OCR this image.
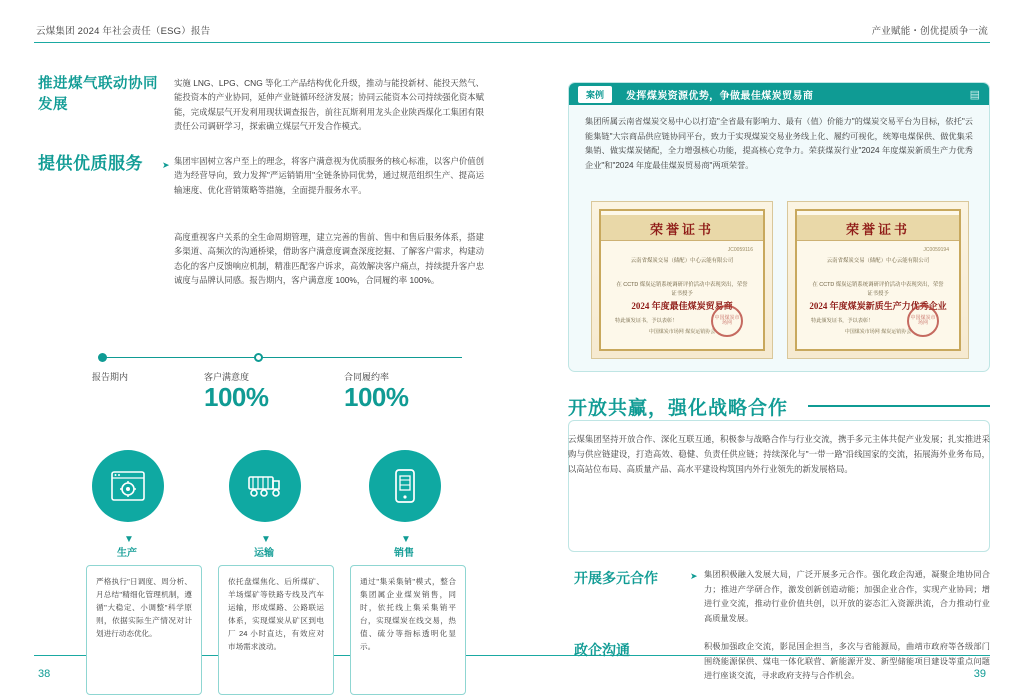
云煤集团 2024 年社会责任（ESG）报告	产业赋能・创优提质争一流
38	39
推进煤气联动协同发展
实施 LNG、LPG、CNG 等化工产品结构优化升级，推动与能投新材、能投天然气、能投资本的产业协同，延伸产业链循环经济发展；协同云能资本公司持续强化资本赋能，完成煤层气开发利用现状调查报告，前往瓦斯利用龙头企业陕西煤化工集团有限责任公司调研学习，探索确立煤层气开发合作模式。
提供优质服务	➤ 集团牢固树立客户至上的理念，将客户满意视为优质服务的核心标准，以客户价值创造为经营导向，致力发挥"严运销销用"全链条协同优势，通过规范组织生产、提高运输速度、优化营销策略等措施，全面提升服务水平。
高度重视客户关系的全生命周期管理，建立完善的售前、售中和售后服务体系，搭建多渠道、高频次的沟通桥梁，借助客户满意度调查深度挖掘、了解客户需求，构建动态化的客户反馈响应机制，精准匹配客户诉求，高效解决客户痛点，持续提升客户忠诚度与品牌认同感。报告期内，客户满意度 100%，合同履约率 100%。
报告期内	客户满意度
100%
合同履约率
100%
▼	▼	▼
生产	运输	销售

严格执行"日调度、周分析、月总结"精细化管理机制，遵循"大稳定、小调整"科学原则，依据实际生产情况对计划进行动态优化。

依托盘煤焦化、后所煤矿、羊场煤矿等铁路专线及汽车运输，形成煤路、公路联运体系，实现煤炭从矿区到电厂 24 小时直达，有效应对市场需求波动。

通过"集采集销"模式，整合集团属企业煤炭销售，同时，依托线上集采集销平台，实现煤炭在线交易，热值、硫分等指标透明化显示。

案例	发挥煤炭资源优势，争做最佳煤炭贸易商	▤
集团所属云南省煤炭交易中心以打造"全省最有影响力、最有（值）价能力"的煤炭交易平台为目标，依托"云能集链"大宗商品供应链协同平台，致力于实现煤炭交易业务线上化、履约可视化，统筹电煤保供、做优集采集销、做实煤炭储配，全力增强核心功能，提高核心竞争力。荣获煤炭行业"2024 年度煤炭新质生产力优秀企业"和"2024 年度最佳煤炭贸易商"两项荣誉。
荣誉证书
JC0059116
云南省煤炭交易（储配）中心云能有限公司
在 CCTD 煤炭运销系统调研评价活动中表现突出，荣誉证书授予
2024 年度最佳煤炭贸易商
特此颁发证书，予以表彰！
中国煤炭市场网 煤炭运销协会
中国煤炭市场网
荣誉证书
JC0059194
云南省煤炭交易（储配）中心云能有限公司
在 CCTD 煤炭运销系统调研评价活动中表现突出，荣誉证书授予
2024 年度煤炭新质生产力优秀企业
特此颁发证书，予以表彰！
中国煤炭市场网 煤炭运销协会
中国煤炭市场网
开放共赢，强化战略合作
云煤集团坚持开放合作、深化互联互通，积极参与战略合作与行业交流，携手多元主体共促产业发展；扎实推进采购与供应链建设，打造高效、稳健、负责任供应链；持续深化与"一带一路"沿线国家的交流，拓展海外业务布局，以高站位布局、高质量产品、高水平建设构筑国内外行业领先的新发展格局。
开展多元合作	➤ 集团积极融入发展大局，广泛开展多元合作。强化政企沟通，凝聚企地协同合力；推进产学研合作，激发创新创造动能；加强企业合作，实现产业协同；增进行业交流，推动行业价值共创，以开放的姿态汇入资源洪流，合力推动行业高质量发展。
政企沟通	积极加强政企交流，影昆国企担当，多次与省能源局，曲靖市政府等各级部门围绕能源保供、煤电一体化联营、新能源开发、新型储能项目建设等重点问题进行座谈交流，寻求政府支持与合作机会。
